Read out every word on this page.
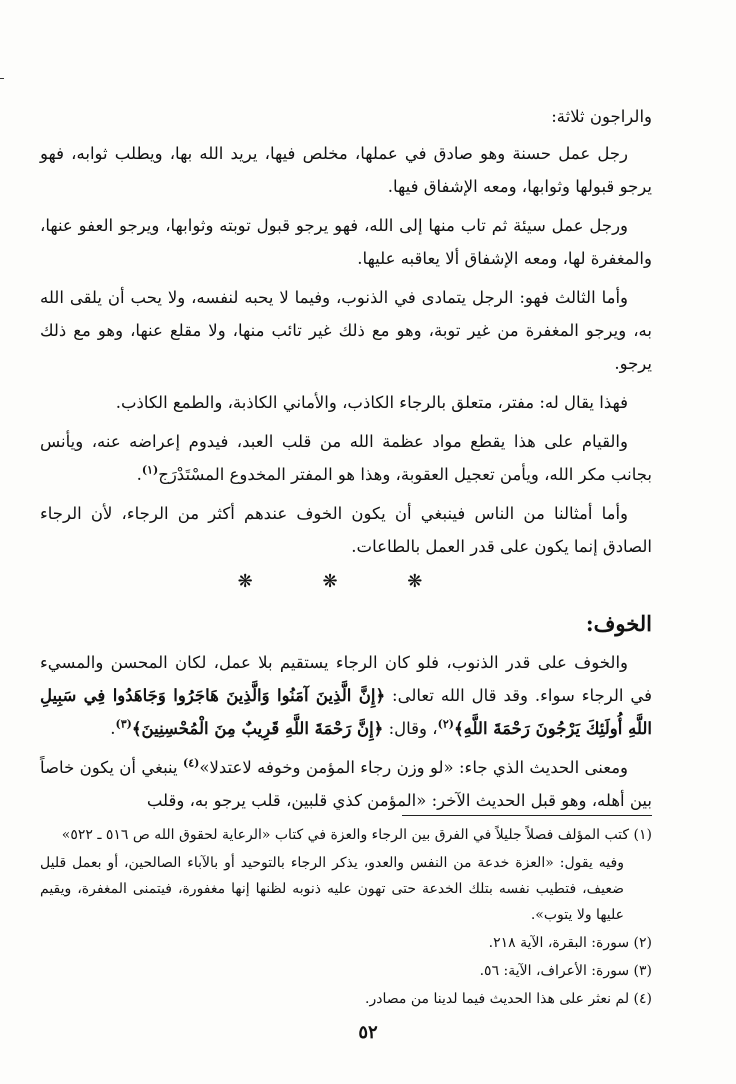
والراجون ثلاثة:

رجل عمل حسنة وهو صادق في عملها، مخلص فيها، يريد الله بها، ويطلب ثوابه، فهو يرجو قبولها وثوابها، ومعه الإشفاق فيها.

ورجل عمل سيئة ثم تاب منها إلى الله، فهو يرجو قبول توبته وثوابها، ويرجو العفو عنها، والمغفرة لها، ومعه الإشفاق ألا يعاقبه عليها.

وأما الثالث فهو: الرجل يتمادى في الذنوب، وفيما لا يحبه لنفسه، ولا يحب أن يلقى الله به، ويرجو المغفرة من غير توبة، وهو مع ذلك غير تائب منها، ولا مقلع عنها، وهو مع ذلك يرجو.

فهذا يقال له: مفتر، متعلق بالرجاء الكاذب، والأماني الكاذبة، والطمع الكاذب.

والقيام على هذا يقطع مواد عظمة الله من قلب العبد، فيدوم إعراضه عنه، ويأنس بجانب مكر الله، ويأمن تعجيل العقوبة، وهذا هو المفتر المخدوع المسْتَدْرَج$^{(١)}$.

وأما أمثالنا من الناس فينبغي أن يكون الخوف عندهم أكثر من الرجاء، لأن الرجاء الصادق إنما يكون على قدر العمل بالطاعات.

❋ ❋ ❋
الخوف:

والخوف على قدر الذنوب، فلو كان الرجاء يستقيم بلا عمل، لكان المحسن والمسيء في الرجاء سواء. وقد قال الله تعالى: ﴿إِنَّ الَّذِينَ آمَنُوا وَالَّذِينَ هَاجَرُوا وَجَاهَدُوا فِي سَبِيلِ اللَّهِ أُولَئِكَ يَرْجُونَ رَحْمَةَ اللَّهِ﴾$^{(٢)}$، وقال: ﴿إِنَّ رَحْمَةَ اللَّهِ قَرِيبٌ مِنَ الْمُحْسِنِينَ﴾$^{(٣)}$.

ومعنى الحديث الذي جاء: «لو وزن رجاء المؤمن وخوفه لاعتدلا»$^{(٤)}$ ينبغي أن يكون خاصاً بين أهله، وهو قبل الحديث الآخر: «المؤمن كذي قلبين، قلب يرجو به، وقلب

(١) كتب المؤلف فصلاً جليلاً في الفرق بين الرجاء والعزة في كتاب «الرعاية لحقوق الله ص ٥١٦ ـ ٥٢٢»

وفيه يقول: «العزة خدعة من النفس والعدو، يذكر الرجاء بالتوحيد أو بالآباء الصالحين، أو بعمل قليل ضعيف، فتطيب نفسه بتلك الخدعة حتى تهون عليه ذنوبه لظنها إنها مغفورة، فيتمنى المغفرة، ويقيم عليها ولا يتوب».

(٢) سورة: البقرة، الآية ٢١٨.

(٣) سورة: الأعراف، الآية: ٥٦.

(٤) لم نعثر على هذا الحديث فيما لدينا من مصادر.

٥٢
